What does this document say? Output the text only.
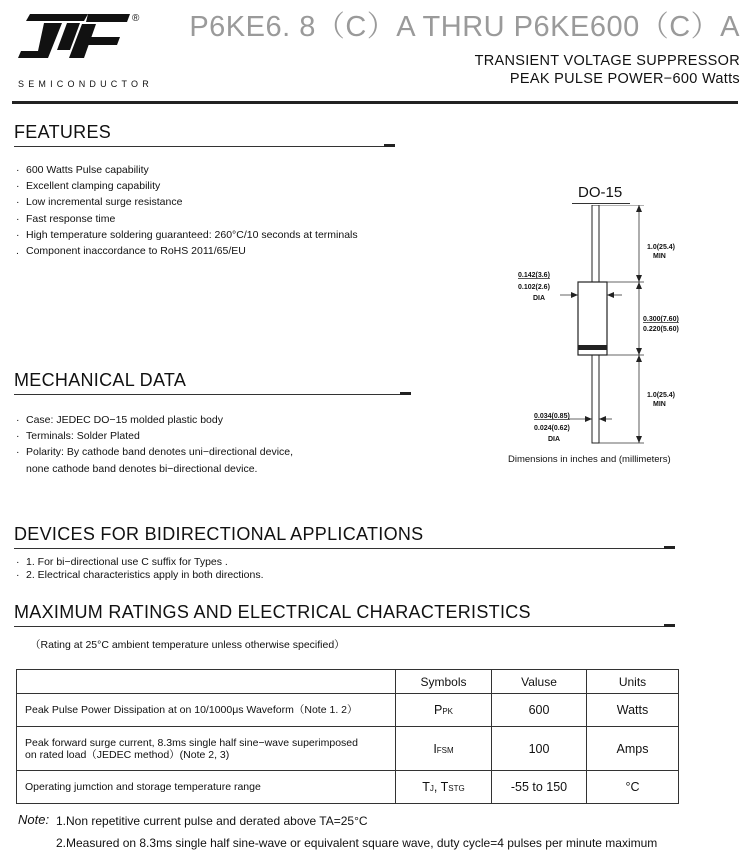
®
SEMICONDUCTOR
P6KE6. 8（C）A THRU P6KE600（C）A
TRANSIENT VOLTAGE SUPPRESSOR
PEAK PULSE POWER−600 Watts
FEATURES
· 600 Watts Pulse capability
· Excellent clamping capability
· Low incremental surge resistance
· Fast response time
· High temperature soldering guaranteed: 260°C/10 seconds at terminals
. Component inaccordance to RoHS 2011/65/EU
DO-15
1.0(25.4)
MIN
1.0(25.4)
MIN
0.300(7.60)
0.220(5.60)
0.142(3.6)
0.102(2.6)
DIA
0.034(0.85)
0.024(0.62)
DIA
Dimensions in inches and (millimeters)
MECHANICAL DATA
· Case: JEDEC DO−15 molded plastic body
· Terminals: Solder Plated
· Polarity: By cathode band denotes uni−directional device,
none cathode band denotes bi−directional device.
DEVICES FOR BIDIRECTIONAL APPLICATIONS
· 1. For bi−directional use C suffix for Types .
· 2. Electrical characteristics apply in both directions.
MAXIMUM RATINGS AND ELECTRICAL CHARACTERISTICS
（Rating at 25°C ambient temperature unless otherwise specified）
	Symbols	Valuse	Units
Peak Pulse Power Dissipation at on 10/1000μs Waveform（Note 1. 2）	PPK	600	Watts

Peak forward surge current, 8.3ms single half sine−wave superimposed
on rated load（JEDEC method）(Note 2, 3)	IFSM	100	Amps
Operating jumction and storage temperature range	TJ, TSTG	-55 to 150	°C
Note: 1.Non repetitive current pulse and derated above TA=25°C
2.Measured on 8.3ms single half sine-wave or equivalent square wave, duty cycle=4 pulses per minute maximum
